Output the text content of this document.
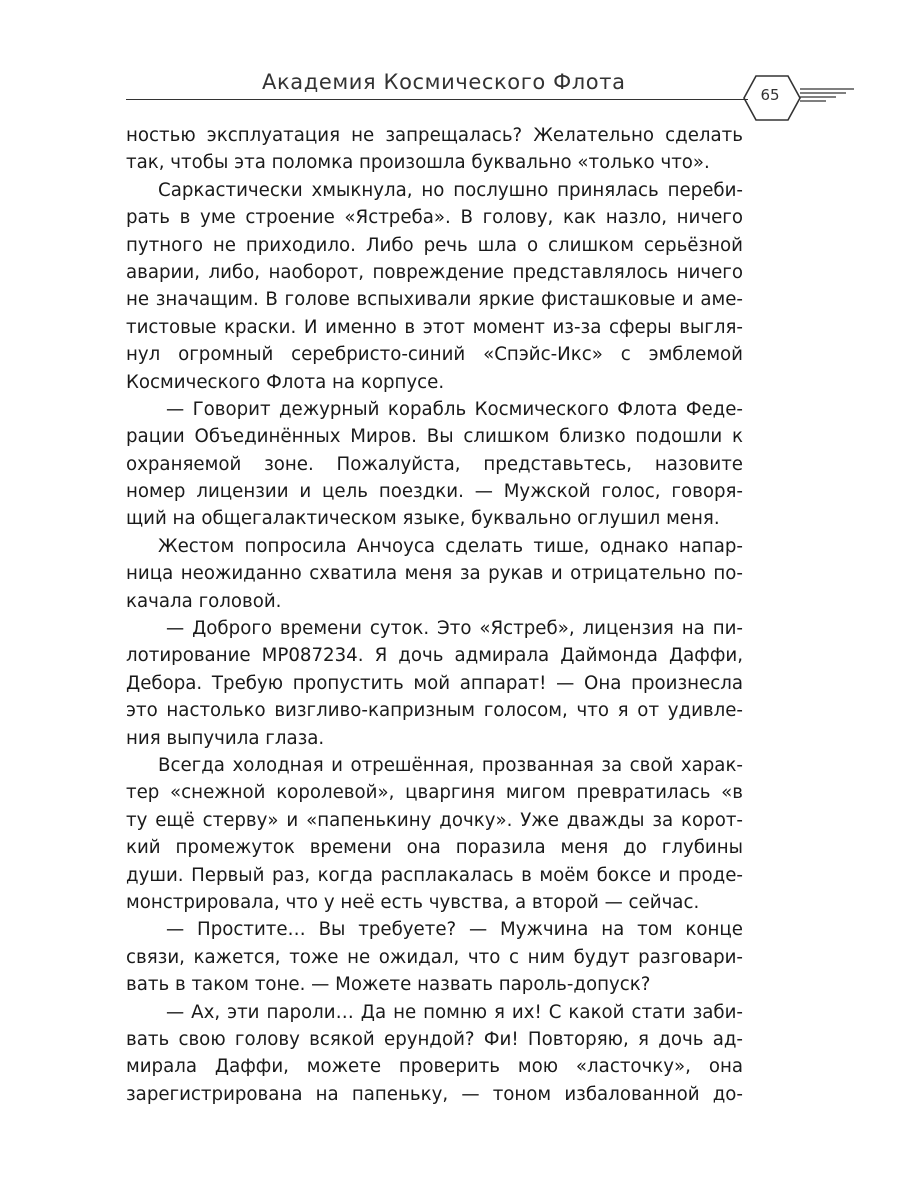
Академия Космического Флота
65
ностью эксплуатация не запрещалась? Желательно сделать
так, чтобы эта поломка произошла буквально «только что».
Саркастически хмыкнула, но послушно принялась переби-
рать в уме строение «Ястреба». В голову, как назло, ничего
путного не приходило. Либо речь шла о слишком серьёзной
аварии, либо, наоборот, повреждение представлялось ничего
не значащим. В голове вспыхивали яркие фисташковые и аме-
тистовые краски. И именно в этот момент из-за сферы выгля-
нул огромный серебристо-синий «Спэйс-Икс» с эмблемой
Космического Флота на корпусе.
— Говорит дежурный корабль Космического Флота Феде-
рации Объединённых Миров. Вы слишком близко подошли к
охраняемой зоне. Пожалуйста, представьтесь, назовите
номер лицензии и цель поездки. — Мужской голос, говоря-
щий на общегалактическом языке, буквально оглушил меня.
Жестом попросила Анчоуса сделать тише, однако напар-
ница неожиданно схватила меня за рукав и отрицательно по-
качала головой.
— Доброго времени суток. Это «Ястреб», лицензия на пи-
лотирование МР087234. Я дочь адмирала Даймонда Даффи,
Дебора. Требую пропустить мой аппарат! — Она произнесла
это настолько визгливо-капризным голосом, что я от удивле-
ния выпучила глаза.
Всегда холодная и отрешённая, прозванная за свой харак-
тер «снежной королевой», цваргиня мигом превратилась «в
ту ещё стерву» и «папенькину дочку». Уже дважды за корот-
кий промежуток времени она поразила меня до глубины
души. Первый раз, когда расплакалась в моём боксе и проде-
монстрировала, что у неё есть чувства, а второй — сейчас.
— Простите… Вы требуете? — Мужчина на том конце
связи, кажется, тоже не ожидал, что с ним будут разговари-
вать в таком тоне. — Можете назвать пароль-допуск?
— Ах, эти пароли… Да не помню я их! С какой стати заби-
вать свою голову всякой ерундой? Фи! Повторяю, я дочь ад-
мирала Даффи, можете проверить мою «ласточку», она
зарегистрирована на папеньку, — тоном избалованной до-
